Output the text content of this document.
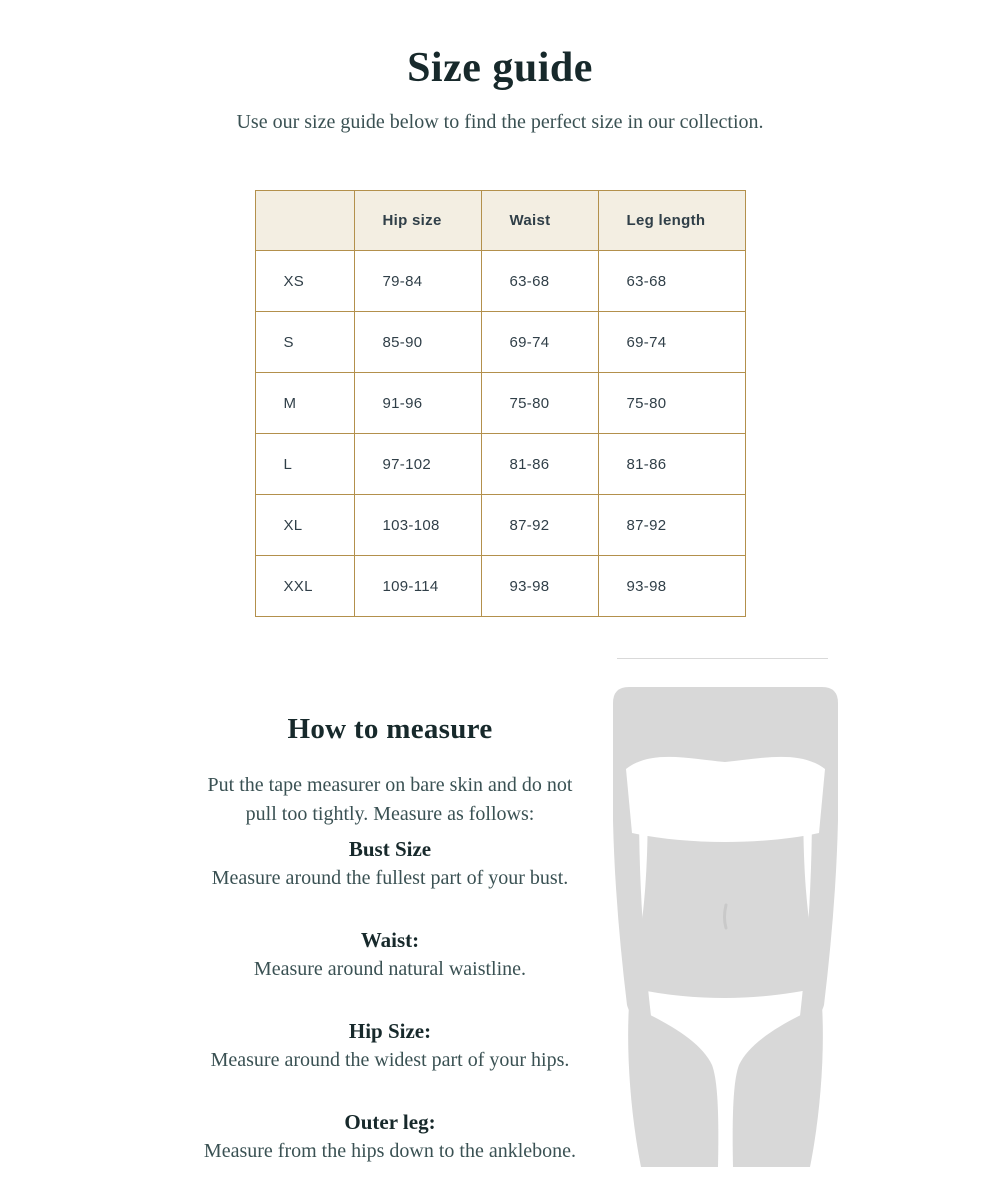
Size guide

Use our size guide below to find the perfect size in our collection.

	Hip size	Waist	Leg length
XS	79-84	63-68	63-68
S	85-90	69-74	69-74
M	91-96	75-80	75-80
L	97-102	81-86	81-86
XL	103-108	87-92	87-92
XXL	109-114	93-98	93-98
How to measure
Put the tape measurer on bare skin and do not
pull too tightly. Measure as follows:
Bust Size

Measure around the fullest part of your bust.

Waist:

Measure around natural waistline.

Hip Size:

Measure around the widest part of your hips.

Outer leg:

Measure from the hips down to the anklebone.
